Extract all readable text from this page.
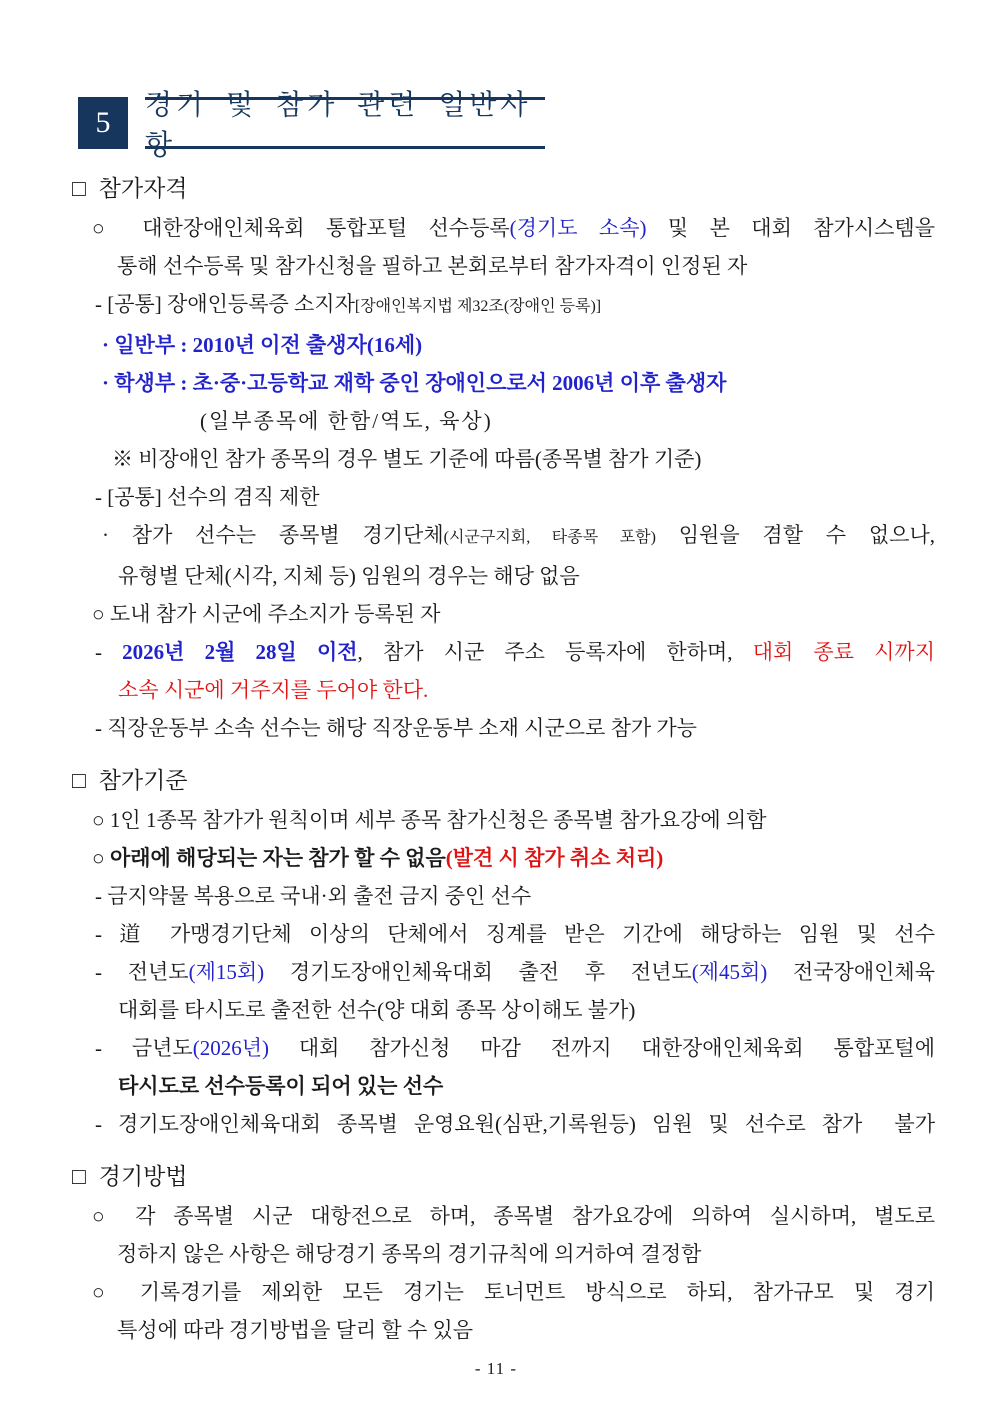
5
경기 및 참가 관련 일반사항
□ 참가자격
○ 대한장애인체육회 통합포털 선수등록(경기도 소속) 및 본 대회 참가시스템을
통해 선수등록 및 참가신청을 필하고 본회로부터 참가자격이 인정된 자
- [공통] 장애인등록증 소지자[장애인복지법 제32조(장애인 등록)]
· 일반부 : 2010년 이전 출생자(16세)
· 학생부 : 초·중·고등학교 재학 중인 장애인으로서 2006년 이후 출생자
(일부종목에 한함/역도, 육상)
※ 비장애인 참가 종목의 경우 별도 기준에 따름(종목별 참가 기준)
- [공통] 선수의 겸직 제한
· 참가 선수는 종목별 경기단체(시군구지회, 타종목 포함) 임원을 겸할 수 없으나,
유형별 단체(시각, 지체 등) 임원의 경우는 해당 없음
○ 도내 참가 시군에 주소지가 등록된 자
- 2026년 2월 28일 이전, 참가 시군 주소 등록자에 한하며, 대회 종료 시까지
소속 시군에 거주지를 두어야 한다.
- 직장운동부 소속 선수는 해당 직장운동부 소재 시군으로 참가 가능
□ 참가기준
○ 1인 1종목 참가가 원칙이며 세부 종목 참가신청은 종목별 참가요강에 의함
○ 아래에 해당되는 자는 참가 할 수 없음(발견 시 참가 취소 처리)
- 금지약물 복용으로 국내·외 출전 금지 중인 선수
- 道 가맹경기단체 이상의 단체에서 징계를 받은 기간에 해당하는 임원 및 선수
- 전년도(제15회) 경기도장애인체육대회 출전 후 전년도(제45회) 전국장애인체육
대회를 타시도로 출전한 선수(양 대회 종목 상이해도 불가)
- 금년도(2026년) 대회 참가신청 마감 전까지 대한장애인체육회 통합포털에
타시도로 선수등록이 되어 있는 선수
- 경기도장애인체육대회 종목별 운영요원(심판,기록원등) 임원 및 선수로 참가  불가
□ 경기방법
○ 각 종목별 시군 대항전으로 하며, 종목별 참가요강에 의하여 실시하며, 별도로
정하지 않은 사항은 해당경기 종목의 경기규칙에 의거하여 결정함
○ 기록경기를 제외한 모든 경기는 토너먼트 방식으로 하되, 참가규모 및 경기
특성에 따라 경기방법을 달리 할 수 있음
- 11 -
